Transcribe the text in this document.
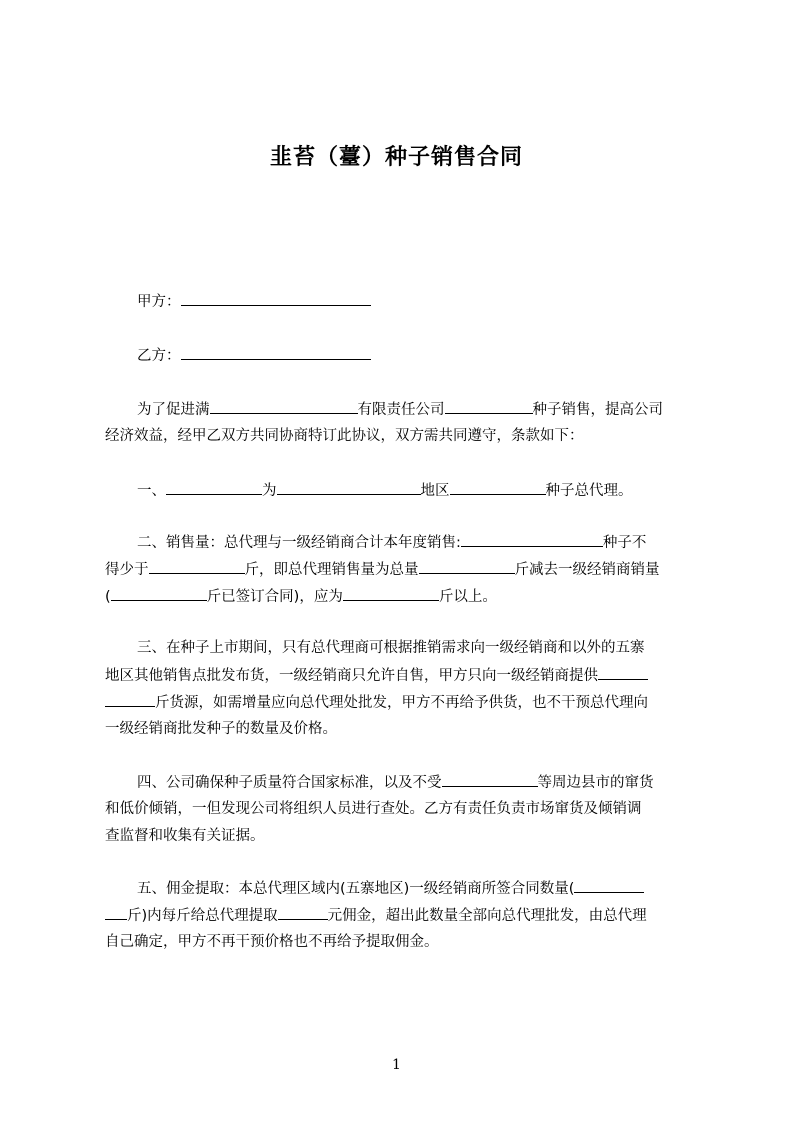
韭苔（薹）种子销售合同
甲方：
乙方：
为了促进满	有限责任公司	种子销售，提高公司
经济效益，经甲乙双方共同协商特订此协议，双方需共同遵守，条款如下：
一、	为	地区	种子总代理。
二、销售量：总代理与一级经销商合计本年度销售:	种子不
得少于	斤，即总代理销售量为总量	斤减去一级经销商销量
(	斤已签订合同)，应为	斤以上。
三、在种子上市期间，只有总代理商可根据推销需求向一级经销商和以外的五寨
地区其他销售点批发布货，一级经销商只允许自售，甲方只向一级经销商提供
斤货源，如需增量应向总代理处批发，甲方不再给予供货，也不干预总代理向
一级经销商批发种子的数量及价格。
四、公司确保种子质量符合国家标准，以及不受	等周边县市的窜货
和低价倾销，一但发现公司将组织人员进行查处。乙方有责任负责市场窜货及倾销调
查监督和收集有关证据。
五、佣金提取：本总代理区域内(五寨地区)一级经销商所签合同数量(
斤)内每斤给总代理提取	元佣金，超出此数量全部向总代理批发，由总代理
自己确定，甲方不再干预价格也不再给予提取佣金。
1
